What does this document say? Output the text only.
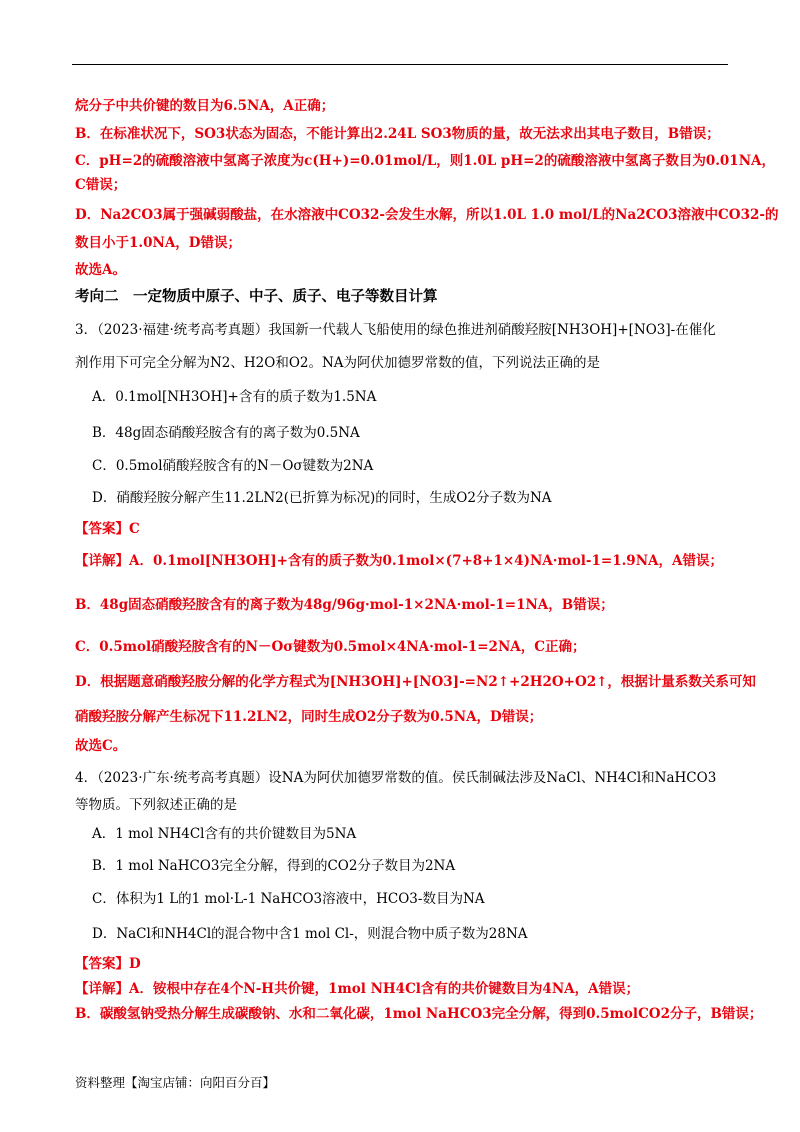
烷分子中共价键的数目为6.5NA，A正确；
B．在标准状况下，SO3状态为固态，不能计算出2.24L SO3物质的量，故无法求出其电子数目，B错误；
C．pH=2的硫酸溶液中氢离子浓度为c(H+)=0.01mol/L，则1.0L pH=2的硫酸溶液中氢离子数目为0.01NA，
C错误；
D．Na2CO3属于强碱弱酸盐，在水溶液中CO32-会发生水解，所以1.0L 1.0 mol/L的Na2CO3溶液中CO32-的
数目小于1.0NA，D错误；
故选A。
考向二　一定物质中原子、中子、质子、电子等数目计算
3．（2023·福建·统考高考真题）我国新一代载人飞船使用的绿色推进剂硝酸羟胺[NH3OH]+[NO3]-在催化
剂作用下可完全分解为N2、H2O和O2。NA为阿伏加德罗常数的值，下列说法正确的是
A．0.1mol[NH3OH]+含有的质子数为1.5NA
B．48g固态硝酸羟胺含有的离子数为0.5NA
C．0.5mol硝酸羟胺含有的N－Oσ键数为2NA
D．硝酸羟胺分解产生11.2LN2(已折算为标况)的同时，生成O2分子数为NA
【答案】C
【详解】A．0.1mol[NH3OH]+含有的质子数为0.1mol×(7+8+1×4)NA·mol-1=1.9NA，A错误；
B．48g固态硝酸羟胺含有的离子数为48g/96g·mol-1×2NA·mol-1=1NA，B错误；
C．0.5mol硝酸羟胺含有的N－Oσ键数为0.5mol×4NA·mol-1=2NA，C正确；
D．根据题意硝酸羟胺分解的化学方程式为[NH3OH]+[NO3]-=N2↑+2H2O+O2↑，根据计量系数关系可知
硝酸羟胺分解产生标况下11.2LN2，同时生成O2分子数为0.5NA，D错误；
故选C。
4．（2023·广东·统考高考真题）设NA为阿伏加德罗常数的值。侯氏制碱法涉及NaCl、NH4Cl和NaHCO3
等物质。下列叙述正确的是
A．1 mol NH4Cl含有的共价键数目为5NA
B．1 mol NaHCO3完全分解，得到的CO2分子数目为2NA
C．体积为1 L的1 mol·L-1 NaHCO3溶液中，HCO3-数目为NA
D．NaCl和NH4Cl的混合物中含1 mol Cl-，则混合物中质子数为28NA
【答案】D
【详解】A．铵根中存在4个N-H共价键，1mol NH4Cl含有的共价键数目为4NA，A错误；
B．碳酸氢钠受热分解生成碳酸钠、水和二氧化碳，1mol NaHCO3完全分解，得到0.5molCO2分子，B错误；
资料整理【淘宝店铺：向阳百分百】
